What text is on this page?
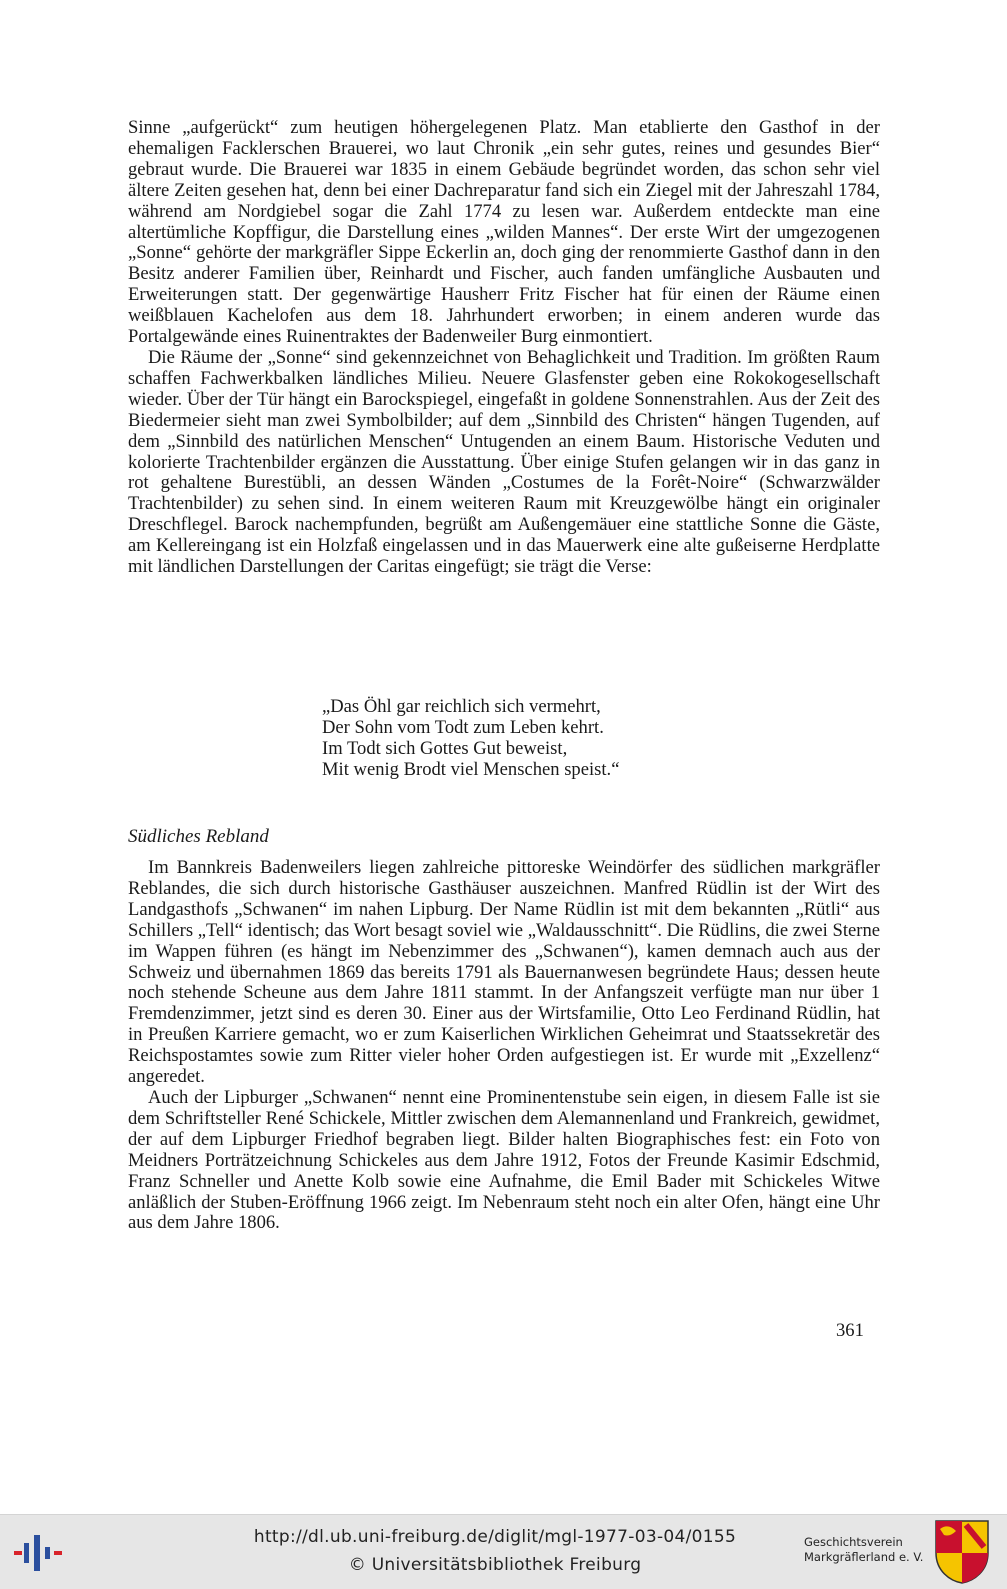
Sinne „aufgerückt“ zum heutigen höhergelegenen Platz. Man etablierte den Gasthof in der ehemaligen Facklerschen Brauerei, wo laut Chronik „ein sehr gutes, reines und gesundes Bier“ gebraut wurde. Die Brauerei war 1835 in einem Gebäude begründet worden, das schon sehr viel ältere Zeiten gesehen hat, denn bei einer Dachreparatur fand sich ein Ziegel mit der Jahreszahl 1784, während am Nordgiebel sogar die Zahl 1774 zu lesen war. Außerdem entdeckte man eine altertümliche Kopffigur, die Darstellung eines „wilden Mannes“. Der erste Wirt der umgezogenen „Sonne“ gehörte der markgräfler Sippe Eckerlin an, doch ging der renommierte Gasthof dann in den Besitz anderer Familien über, Reinhardt und Fischer, auch fanden umfängliche Ausbauten und Erweiterungen statt. Der gegenwärtige Hausherr Fritz Fischer hat für einen der Räume einen weißblauen Kachelofen aus dem 18. Jahrhundert erworben; in einem anderen wurde das Portalgewände eines Ruinentraktes der Badenweiler Burg einmontiert.

Die Räume der „Sonne“ sind gekennzeichnet von Behaglichkeit und Tradition. Im größten Raum schaffen Fachwerkbalken ländliches Milieu. Neuere Glasfenster geben eine Rokokogesellschaft wieder. Über der Tür hängt ein Barockspiegel, eingefaßt in goldene Sonnenstrahlen. Aus der Zeit des Biedermeier sieht man zwei Symbolbilder; auf dem „Sinnbild des Christen“ hängen Tugenden, auf dem „Sinnbild des natürlichen Menschen“ Untugenden an einem Baum. Historische Veduten und kolorierte Trachtenbilder ergänzen die Ausstattung. Über einige Stufen gelangen wir in das ganz in rot gehaltene Burestübli, an dessen Wänden „Costumes de la Forêt-Noire“ (Schwarzwälder Trachtenbilder) zu sehen sind. In einem weiteren Raum mit Kreuzgewölbe hängt ein originaler Dreschflegel. Barock nachempfunden, begrüßt am Außengemäuer eine stattliche Sonne die Gäste, am Kellereingang ist ein Holzfaß eingelassen und in das Mauerwerk eine alte gußeiserne Herdplatte mit ländlichen Darstellungen der Caritas eingefügt; sie trägt die Verse:

„Das Öhl gar reichlich sich vermehrt,
Der Sohn vom Todt zum Leben kehrt.
Im Todt sich Gottes Gut beweist,
Mit wenig Brodt viel Menschen speist.“
Südliches Rebland

Im Bannkreis Badenweilers liegen zahlreiche pittoreske Weindörfer des südlichen markgräfler Reblandes, die sich durch historische Gasthäuser auszeichnen. Manfred Rüdlin ist der Wirt des Landgasthofs „Schwanen“ im nahen Lipburg. Der Name Rüdlin ist mit dem bekannten „Rütli“ aus Schillers „Tell“ identisch; das Wort besagt soviel wie „Waldausschnitt“. Die Rüdlins, die zwei Sterne im Wappen führen (es hängt im Nebenzimmer des „Schwanen“), kamen demnach auch aus der Schweiz und übernahmen 1869 das bereits 1791 als Bauernanwesen begründete Haus; dessen heute noch stehende Scheune aus dem Jahre 1811 stammt. In der Anfangszeit verfügte man nur über 1 Fremdenzimmer, jetzt sind es deren 30. Einer aus der Wirtsfamilie, Otto Leo Ferdinand Rüdlin, hat in Preußen Karriere gemacht, wo er zum Kaiserlichen Wirklichen Geheimrat und Staatssekretär des Reichspostamtes sowie zum Ritter vieler hoher Orden aufgestiegen ist. Er wurde mit „Exzellenz“ angeredet.

Auch der Lipburger „Schwanen“ nennt eine Prominentenstube sein eigen, in diesem Falle ist sie dem Schriftsteller René Schickele, Mittler zwischen dem Alemannenland und Frankreich, gewidmet, der auf dem Lipburger Friedhof begraben liegt. Bilder halten Biographisches fest: ein Foto von Meidners Porträtzeichnung Schickeles aus dem Jahre 1912, Fotos der Freunde Kasimir Edschmid, Franz Schneller und Anette Kolb sowie eine Aufnahme, die Emil Bader mit Schickeles Witwe anläßlich der Stuben-Eröffnung 1966 zeigt. Im Nebenraum steht noch ein alter Ofen, hängt eine Uhr aus dem Jahre 1806.

361
http://dl.ub.uni-freiburg.de/diglit/mgl-1977-03-04/0155
© Universitätsbibliothek Freiburg
Geschichtsverein
Markgräflerland e. V.
